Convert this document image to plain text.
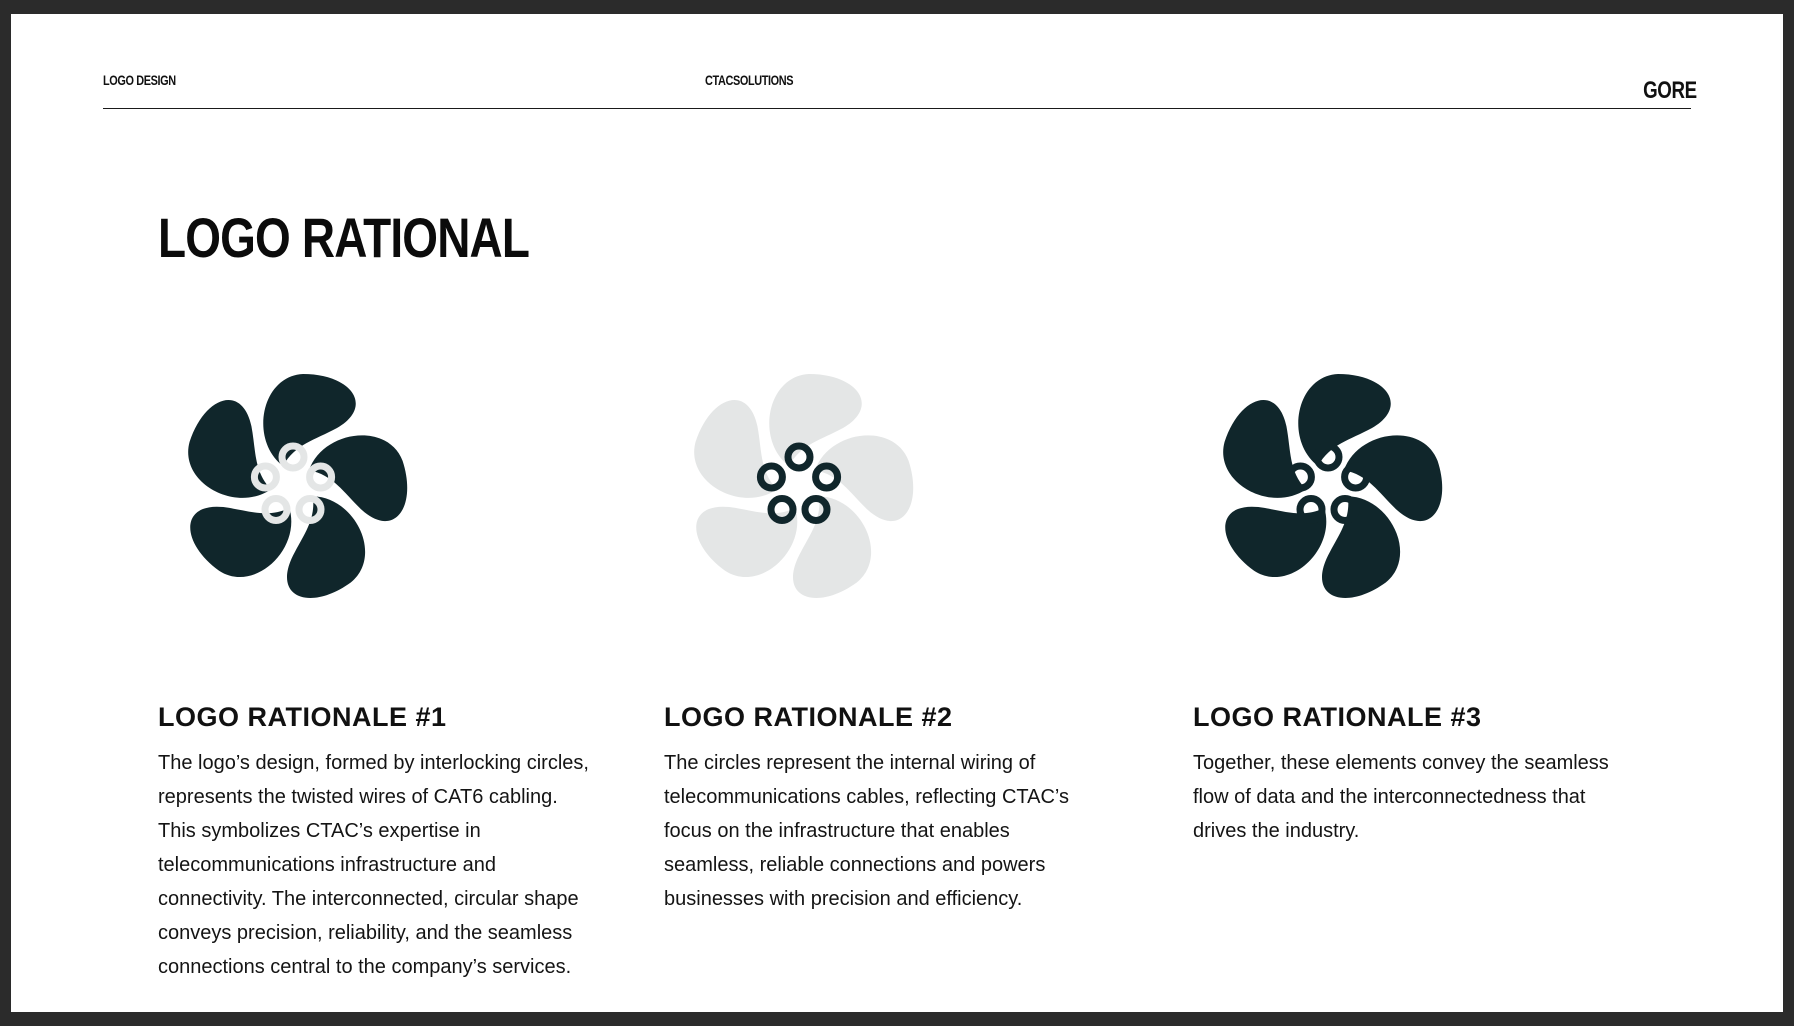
LOGO DESIGN	CTACSOLUTIONS	GORE
LOGO RATIONAL
LOGO RATIONALE #1

The logo’s design, formed by interlocking circles, represents the twisted wires of CAT6 cabling. This symbolizes CTAC’s expertise in telecommunications infrastructure and connectivity. The interconnected, circular shape conveys precision, reliability, and the seamless connections central to the company’s services.

LOGO RATIONALE #2

The circles represent the internal wiring of telecommunications cables, reflecting CTAC’s focus on the infrastructure that enables seamless, reliable connections and powers businesses with precision and efficiency.

LOGO RATIONALE #3

Together, these elements convey the seamless flow of data and the interconnectedness that drives the industry.
